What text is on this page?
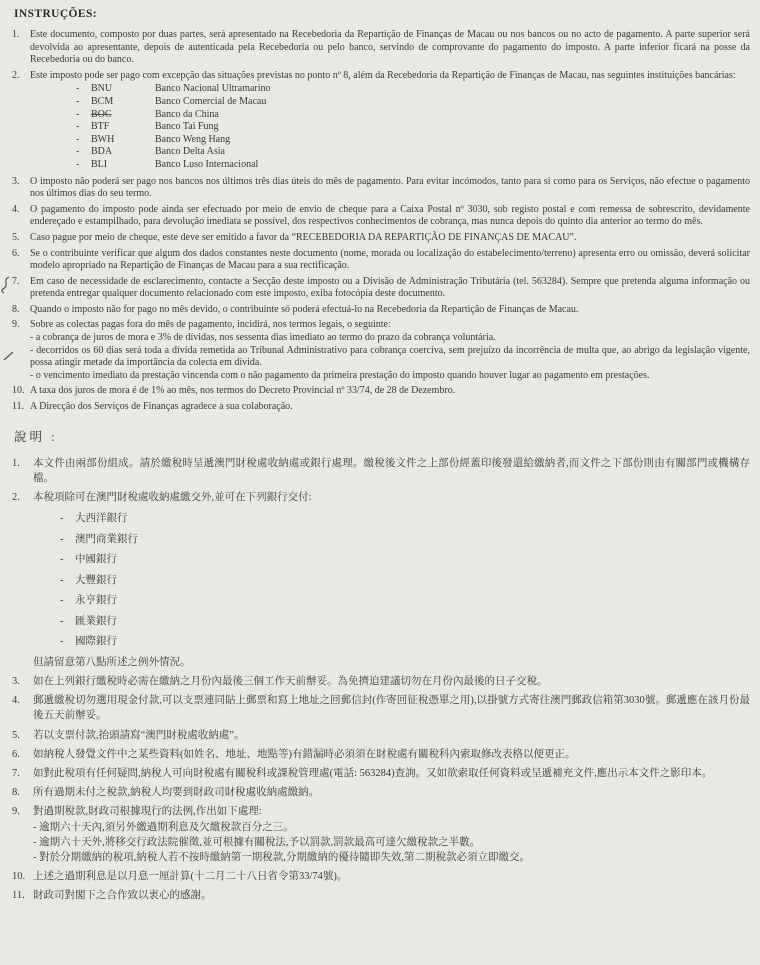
INSTRUÇÕES:
1.	Este documento, composto por duas partes, será apresentado na Recebedoria da Repartição de Finanças de Macau ou nos bancos ou no acto de pagamento. A parte superior será devolvida ao apresentante, depois de autenticada pela Recebedoria ou pelo banco, servindo de comprovante do pagamento do imposto. A parte inferior ficará na posse da Recebedoria ou do banco.
2.	Este imposto pode ser pago com excepção das situações previstas no ponto nº 8, além da Recebedoria da Repartição de Finanças de Macau, nas seguintes instituições bancárias:
- BNU	Banco Nacional Ultramarino
- BCM	Banco Comercial de Macau
- BOC	Banco da China
- BTF	Banco Tai Fung
- BWH	Banco Weng Hang
- BDA	Banco Delta Asia
- BLI	Banco Luso Internacional
3.	O imposto não poderá ser pago nos bancos nos últimos três dias úteis do mês de pagamento. Para evitar incómodos, tanto para si como para os Serviços, não efectue o pagamento nos últimos dias do seu termo.
4.	O pagamento do imposto pode ainda ser efectuado por meio de envio de cheque para a Caixa Postal nº 3030, sob registo postal e com remessa de sobrescrito, devidamente endereçado e estampilhado, para devolução imediata se possível, dos respectivos conhecimentos de cobrança, mas nunca depois do quinto dia anterior ao termo do mês.
5.	Caso pague por meio de cheque, este deve ser emitido a favor da “RECEBEDORIA DA REPARTIÇÃO DE FINANÇAS DE MACAU”.
6.	Se o contribuinte verificar que algum dos dados constantes neste documento (nome, morada ou localização do estabelecimento/terreno) apresenta erro ou omissão, deverá solicitar modelo apropriado na Repartição de Finanças de Macau para a sua rectificação.
7.	Em caso de necessidade de esclarecimento, contacte a Secção deste imposto ou a Divisão de Administração Tributária (tel. 563284). Sempre que pretenda alguma informação ou pretenda entregar qualquer documento relacionado com este imposto, exiba fotocópia deste documento.
8.	Quando o imposto não for pago no mês devido, o contribuinte só poderá efectuá-lo na Recebedoria da Repartição de Finanças de Macau.
9.	Sobre as colectas pagas fora do mês de pagamento, incidirá, nos termos legais, o seguinte:
- a cobrança de juros de mora e 3% de dívidas, nos sessenta dias imediato ao termo do prazo da cobrança voluntária.
- decorridos os 60 dias será toda a dívida remetida ao Tribunal Administrativo para cobrança coerciva, sem prejuízo da incorrência de multa que, ao abrigo da legislação vigente, possa atingir metade da importância da colecta em dívida.
- o vencimento imediato da prestação vincenda com o não pagamento da primeira prestação do imposto quando houver lugar ao pagamento em prestações.
10. A taxa dos juros de mora é de 1% ao mês, nos termos do Decreto Provincial nº 33/74, de 28 de Dezembro.
11. A Direcção dos Serviços de Finanças agradece a sua colaboração.
說明 :
1.	本文件由兩部份組成。請於繳稅時呈遞澳門財稅處收納處或銀行處理。繳稅後文件之上部份經蓋印後發還給繳納者,而文件之下部份則由有關部門或機構存檔。
2.	本稅項除可在澳門財稅處收納處繳交外,並可在下列銀行交付:
- 大西洋銀行
- 澳門商業銀行
- 中國銀行
- 大豐銀行
- 永亨銀行
- 匯業銀行
- 國際銀行
但請留意第八點所述之例外情況。
3.	如在上列銀行繳稅時必需在繳納之月份內最後三個工作天前辦妥。為免擠迫建議切勿在月份內最後的日子交稅。
4.	郵遞繳稅切勿選用現金付款,可以支票連同貼上郵票和寫上地址之回郵信封(作寄回征稅憑單之用),以掛號方式寄往澳門郵政信箱第3030號。郵遞應在該月份最後五天前辦妥。
5.	若以支票付款,抬頭請寫“澳門財稅處收納處”。
6.	如納稅人發覺文件中之某些資料(如姓名、地址、地點等)有錯漏時必須須在財稅處有關稅科內索取修改表格以便更正。
7.	如對此稅項有任何疑問,納稅人可向財稅處有關稅科或課稅管理處(電話: 563284)查詢。又如欲索取任何資料或呈遞補充文件,應出示本文件之影印本。
8.	所有過期未付之稅款,納稅人均要到財政司財稅處收納處繳納。
9.	對過期稅款,財政司根據現行的法例,作出如下處理:
- 逾期六十天內,須另外繳過期利息及欠繳稅款百分之三。
- 逾期六十天外,將移交行政法院催徵,並可根據有關稅法,予以罰款,罰款最高可達欠繳稅款之半數。
- 對於分期繳納的稅項,納稅人若不按時繳納第一期稅款,分期繳納的優待隨即失效,第二期稅款必須立即繳交。
10. 上述之過期利息是以月息一厘計算(十二月二十八日省令第33/74號)。
11. 財政司對閣下之合作致以衷心的感謝。
